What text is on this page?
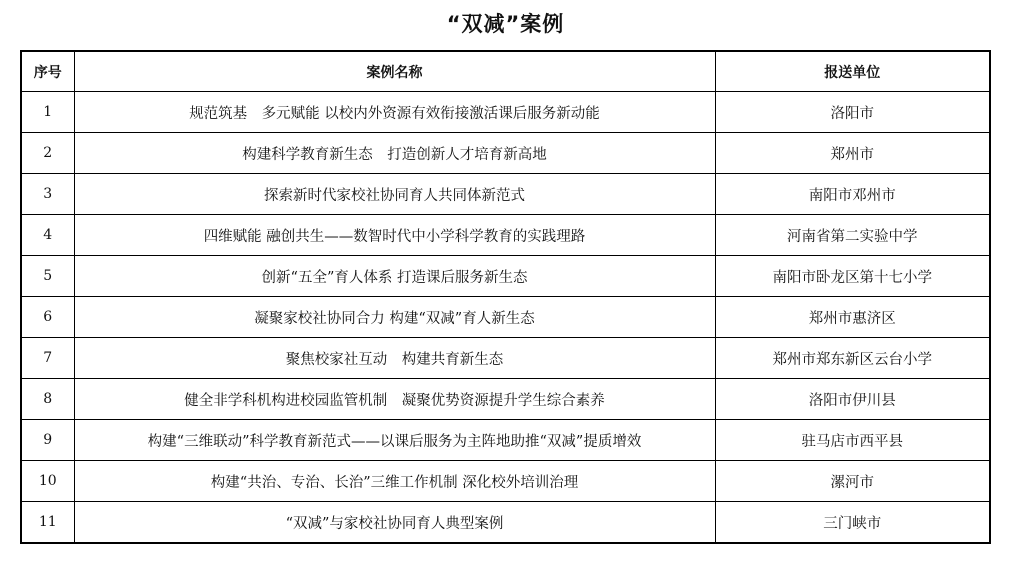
“双减”案例
序号	案例名称	报送单位
1	规范筑基　多元赋能 以校内外资源有效衔接激活课后服务新动能	洛阳市
2	构建科学教育新生态　打造创新人才培育新高地	郑州市
3	探索新时代家校社协同育人共同体新范式	南阳市邓州市
4	四维赋能 融创共生——数智时代中小学科学教育的实践理路	河南省第二实验中学
5	创新“五全”育人体系 打造课后服务新生态	南阳市卧龙区第十七小学
6	凝聚家校社协同合力 构建“双减”育人新生态	郑州市惠济区
7	聚焦校家社互动　构建共育新生态	郑州市郑东新区云台小学
8	健全非学科机构进校园监管机制　凝聚优势资源提升学生综合素养	洛阳市伊川县
9	构建“三维联动”科学教育新范式——以课后服务为主阵地助推“双减”提质增效	驻马店市西平县
10	构建“共治、专治、长治”三维工作机制 深化校外培训治理	漯河市
11	“双减”与家校社协同育人典型案例	三门峡市
